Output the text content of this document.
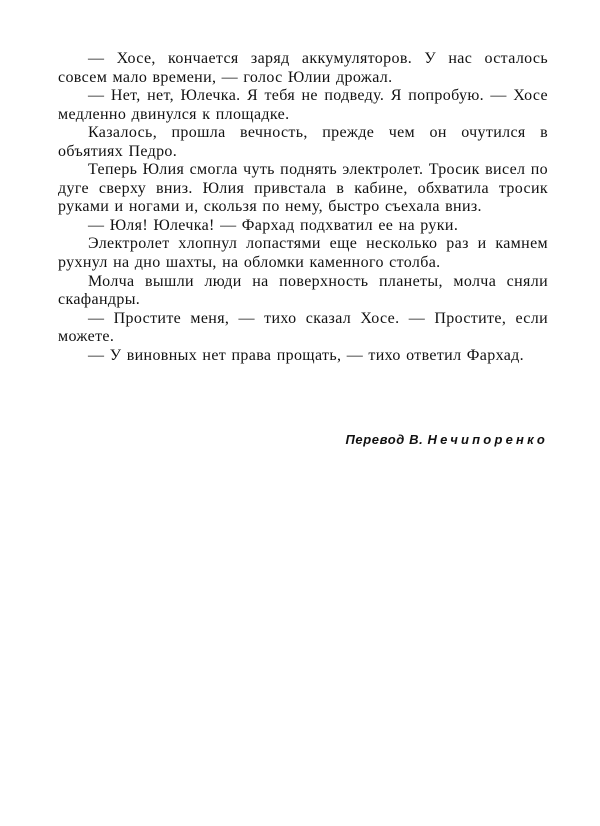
— Хосе, кончается заряд аккумуляторов. У нас осталось совсем мало времени, — голос Юлии дрожал.

— Нет, нет, Юлечка. Я тебя не подведу. Я попробую. — Хосе медленно двинулся к площадке.

Казалось, прошла вечность, прежде чем он очутился в объятиях Педро.

Теперь Юлия смогла чуть поднять электролет. Тросик висел по дуге сверху вниз. Юлия привстала в кабине, обхватила тросик руками и ногами и, скользя по нему, быстро съехала вниз.

— Юля! Юлечка! — Фархад подхватил ее на руки.

Электролет хлопнул лопастями еще несколько раз и камнем рухнул на дно шахты, на обломки каменного столба.

Молча вышли люди на поверхность планеты, молча сняли скафандры.

— Простите меня, — тихо сказал Хосе. — Простите, если можете.

— У виновных нет права прощать, — тихо ответил Фархад.

Перевод В. Нечипоренко
